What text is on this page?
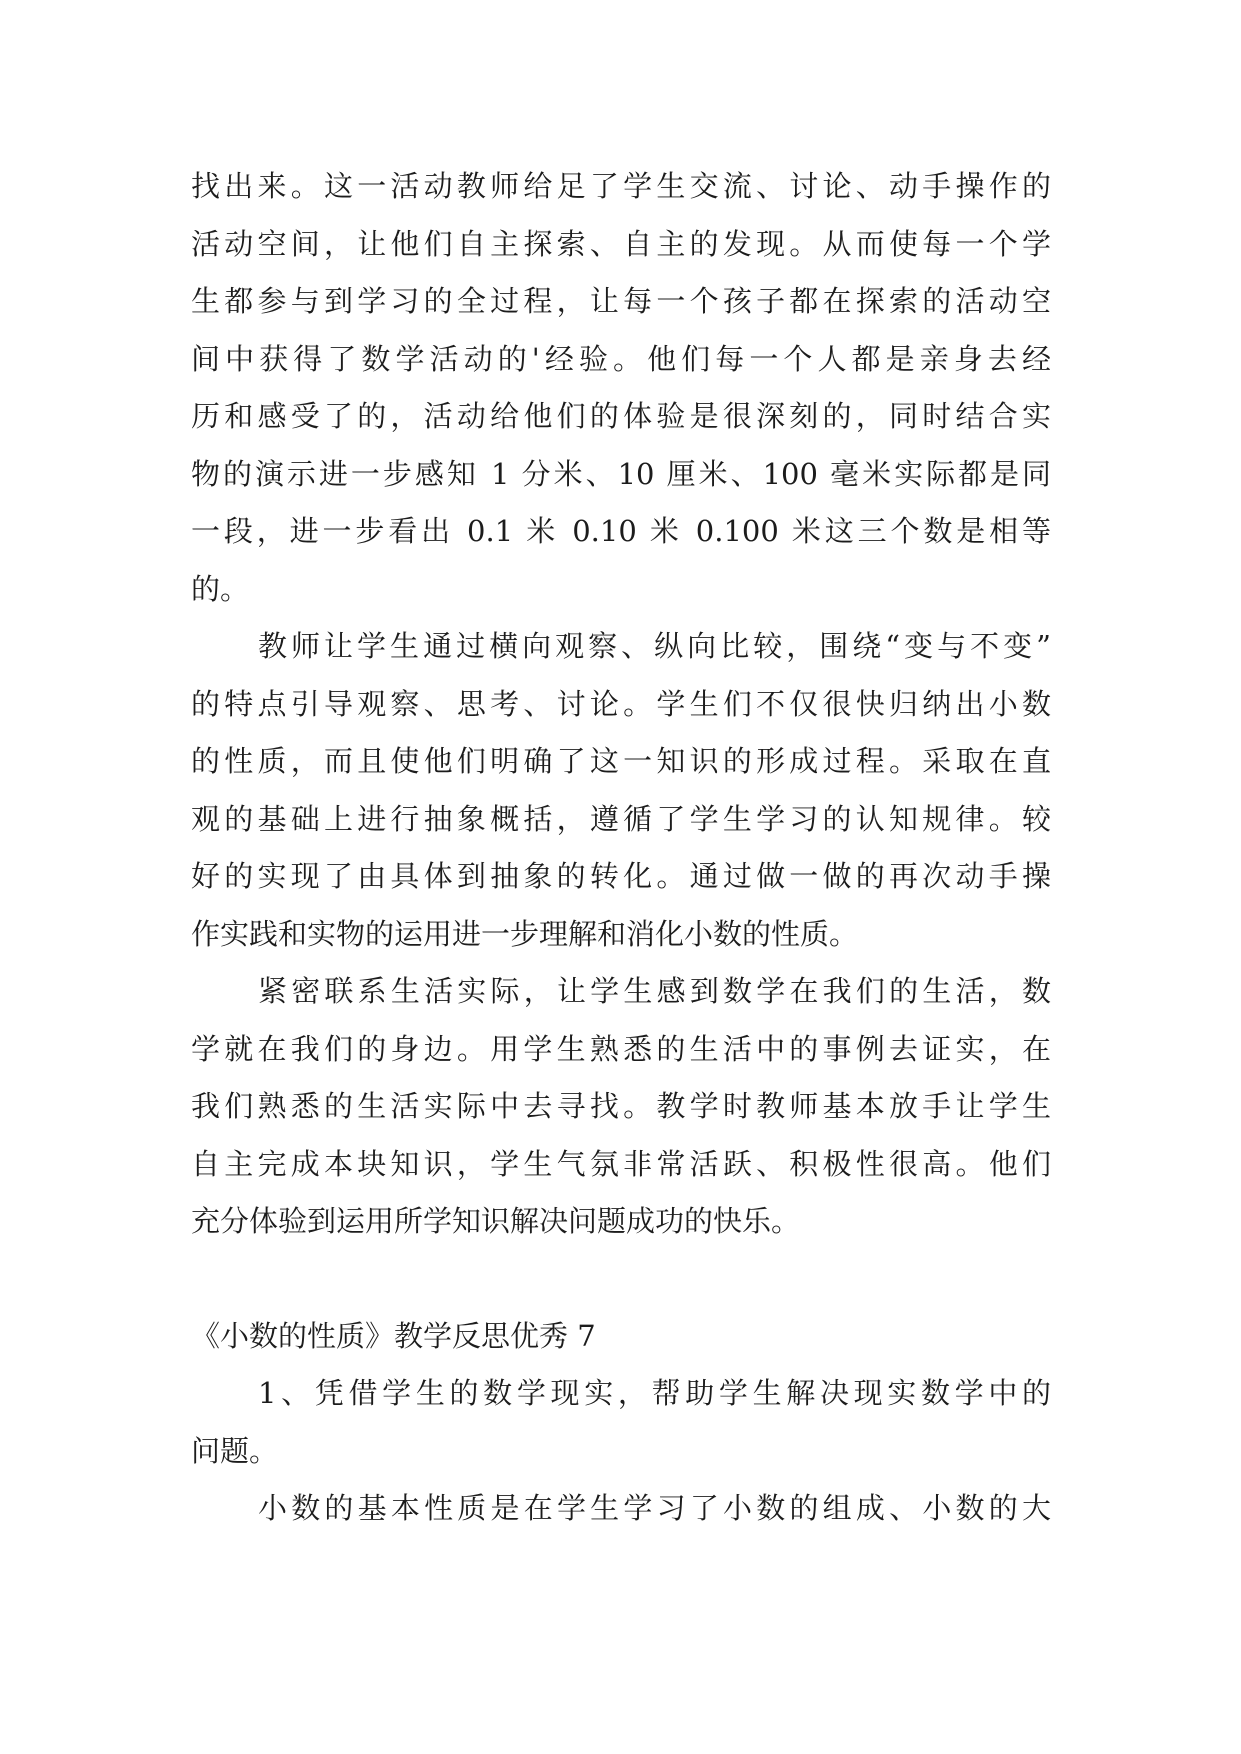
找出来。这一活动教师给足了学生交流、讨论、动手操作的
活动空间，让他们自主探索、自主的发现。从而使每一个学
生都参与到学习的全过程，让每一个孩子都在探索的活动空
间中获得了数学活动的'经验。他们每一个人都是亲身去经
历和感受了的，活动给他们的体验是很深刻的，同时结合实
物的演示进一步感知 1 分米、10 厘米、100 毫米实际都是同
一段，进一步看出 0.1 米 0.10 米 0.100 米这三个数是相等
的。
教师让学生通过横向观察、纵向比较，围绕“变与不变”
的特点引导观察、思考、讨论。学生们不仅很快归纳出小数
的性质，而且使他们明确了这一知识的形成过程。采取在直
观的基础上进行抽象概括，遵循了学生学习的认知规律。较
好的实现了由具体到抽象的转化。通过做一做的再次动手操
作实践和实物的运用进一步理解和消化小数的性质。
紧密联系生活实际，让学生感到数学在我们的生活，数
学就在我们的身边。用学生熟悉的生活中的事例去证实，在
我们熟悉的生活实际中去寻找。教学时教师基本放手让学生
自主完成本块知识，学生气氛非常活跃、积极性很高。他们
充分体验到运用所学知识解决问题成功的快乐。
《小数的性质》教学反思优秀 7
1、凭借学生的数学现实，帮助学生解决现实数学中的
问题。
小数的基本性质是在学生学习了小数的组成、小数的大
